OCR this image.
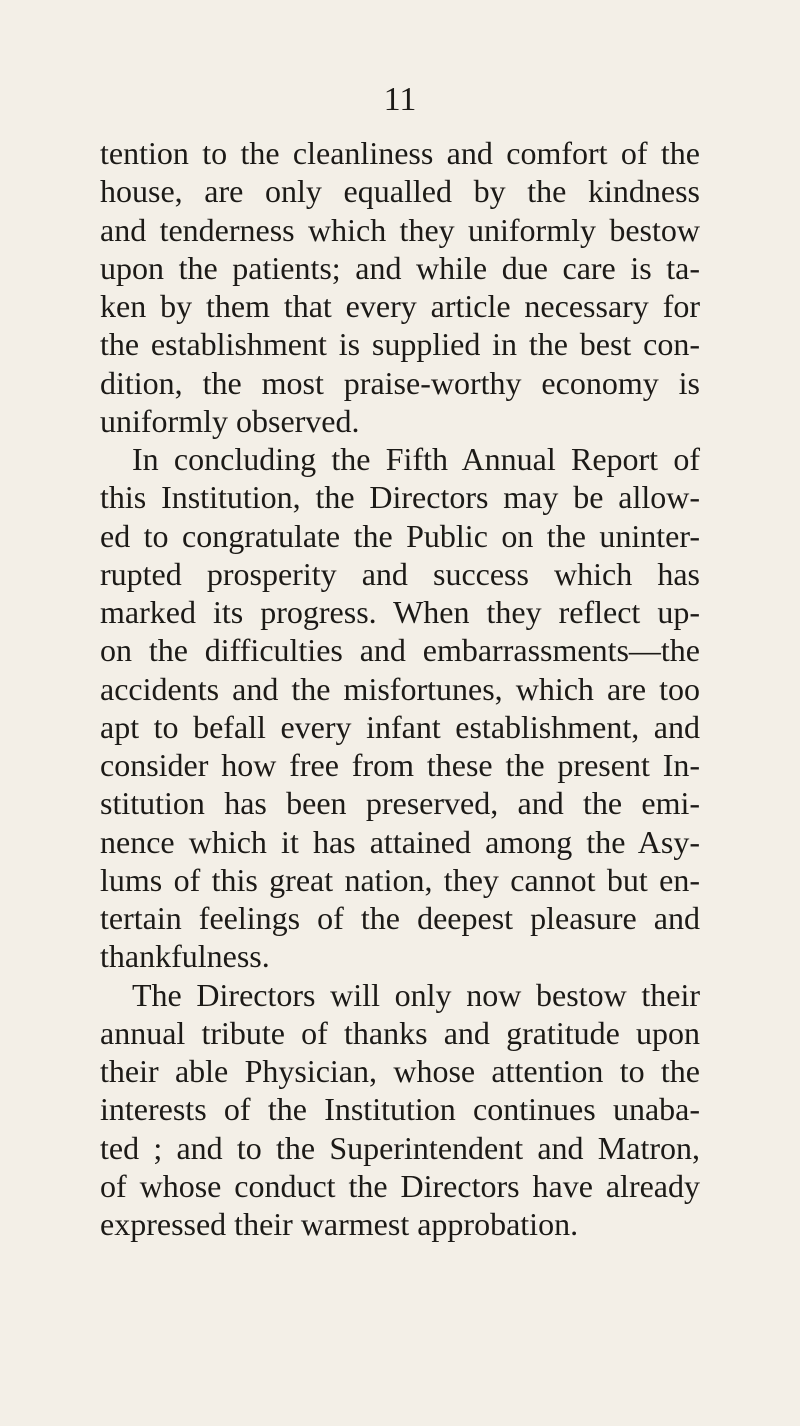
11
tention to the cleanliness and comfort of the
house, are only equalled by the kindness
and tenderness which they uniformly bestow
upon the patients; and while due care is ta-
ken by them that every article necessary for
the establishment is supplied in the best con-
dition, the most praise-worthy economy is
uniformly observed.
In concluding the Fifth Annual Report of
this Institution, the Directors may be allow-
ed to congratulate the Public on the uninter-
rupted prosperity and success which has
marked its progress. When they reflect up-
on the difficulties and embarrassments—the
accidents and the misfortunes, which are too
apt to befall every infant establishment, and
consider how free from these the present In-
stitution has been preserved, and the emi-
nence which it has attained among the Asy-
lums of this great nation, they cannot but en-
tertain feelings of the deepest pleasure and
thankfulness.
The Directors will only now bestow their
annual tribute of thanks and gratitude upon
their able Physician, whose attention to the
interests of the Institution continues unaba-
ted ; and to the Superintendent and Matron,
of whose conduct the Directors have already
expressed their warmest approbation.
